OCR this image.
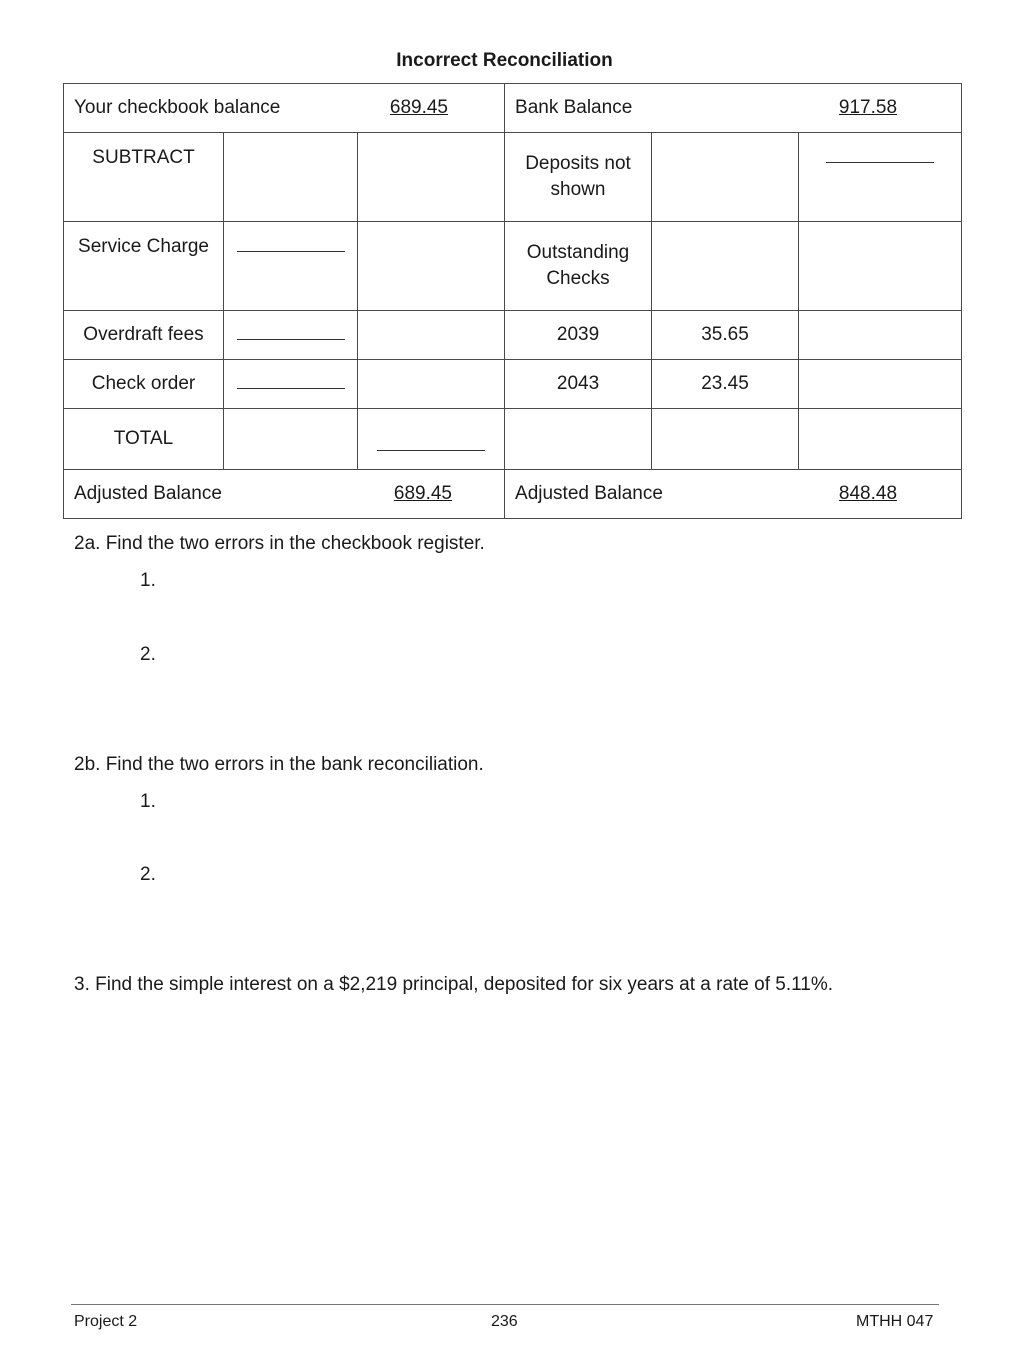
Incorrect Reconciliation
Your checkbook balance 689.45			Bank Balance 917.58		

SUBTRACT			Deposits not
shown		

Service Charge			Outstanding
Checks		

Overdraft fees			2039	35.65	
Check order			2043	23.45	
TOTAL					

Adjusted Balance 689.45			Adjusted Balance 848.48		
2a. Find the two errors in the checkbook register.
1.
2.
2b. Find the two errors in the bank reconciliation.
1.
2.
3. Find the simple interest on a $2,219 principal, deposited for six years at a rate of 5.11%.
Project 2	236	MTHH 047
